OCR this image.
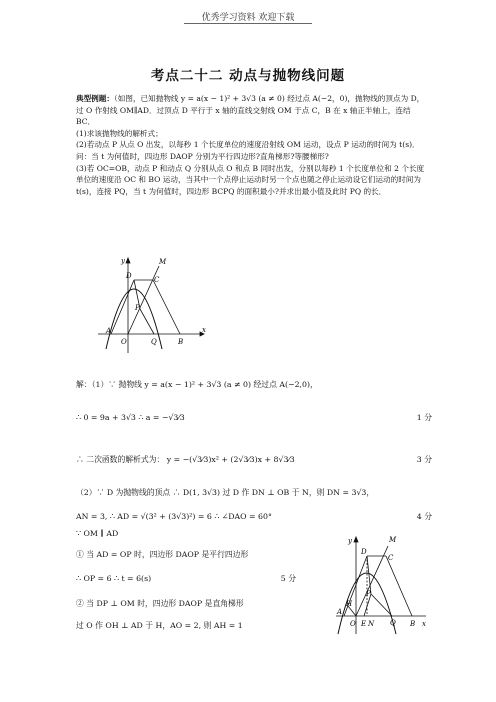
优秀学习资料 欢迎下载
考点二十二 动点与抛物线问题

典型例题：（如图，已知抛物线 y = a(x − 1)² + 3√3 (a ≠ 0) 经过点 A(−2，0)，抛物线的顶点为 D，过 O 作射线 OM∥AD．过顶点 D 平行于 x 轴的直线交射线 OM 于点 C，B 在 x 轴正半轴上，连结 BC．

(1)求该抛物线的解析式；

(2)若动点 P 从点 O 出发，以每秒 1 个长度单位的速度沿射线 OM 运动，设点 P 运动的时间为 t(s)．问：当 t 为何值时，四边形 DAOP 分别为平行四边形?直角梯形?等腰梯形?

(3)若 OC=OB，动点 P 和动点 Q 分别从点 O 和点 B 同时出发，分别以每秒 1 个长度单位和 2 个长度单位的速度沿 OC 和 BO 运动，当其中一个点停止运动时另一个点也随之停止运动设它们运动的时间为 t(s)，连接 PQ，当 t 为何值时，四边形 BCPQ 的面积最小?并求出最小值及此时 PQ 的长．

y
x
M
D	C
P
A
O	Q	B
解：（1）∵ 抛物线 y = a(x − 1)² + 3√3 (a ≠ 0) 经过点 A(−2,0)，
∴ 0 = 9a + 3√3 ∴ a = −√3⁄3	1 分
∴ 二次函数的解析式为： y = −(√3⁄3)x² + (2√3⁄3)x + 8√3⁄3	3 分
（2）∵ D 为抛物线的顶点 ∴ D(1, 3√3) 过 D 作 DN ⊥ OB 于 N，则 DN = 3√3，
AN = 3, ∴ AD = √(3² + (3√3)²) = 6 ∴ ∠DAO = 60°	4 分
∵ OM ∥ AD
① 当 AD = OP 时，四边形 DAOP 是平行四边形
∴ OP = 6 ∴ t = 6(s)	5 分
② 当 DP ⊥ OM 时，四边形 DAOP 是直角梯形
过 O 作 OH ⊥ AD 于 H，AO = 2, 则 AH = 1
y	M
D
C
P
H
A
O E N Q B x
